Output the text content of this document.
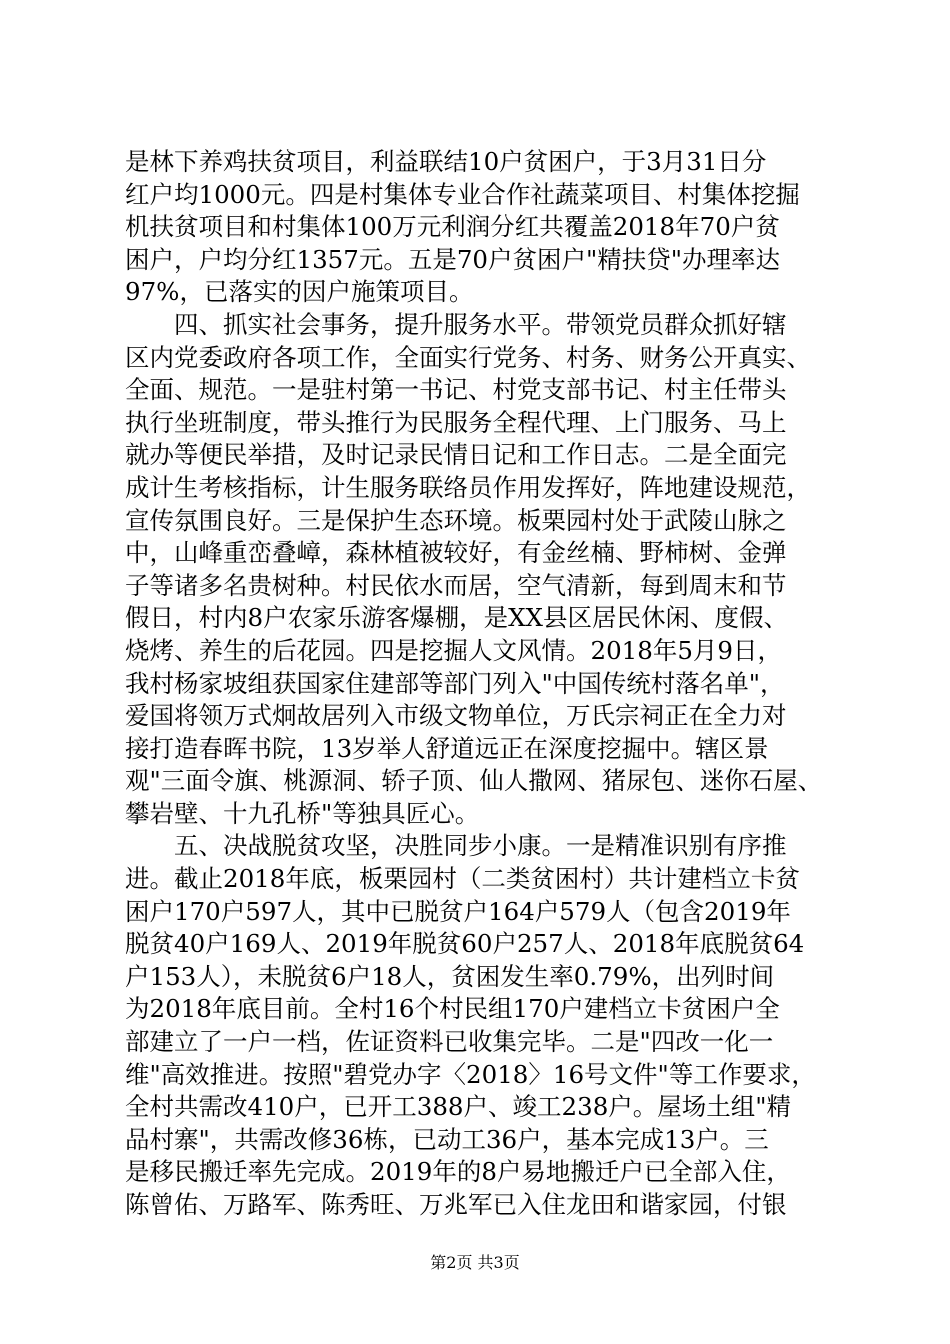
是林下养鸡扶贫项目，利益联结10户贫困户，于3月31日分
红户均1000元。四是村集体专业合作社蔬菜项目、村集体挖掘
机扶贫项目和村集体100万元利润分红共覆盖2018年70户贫
困户，户均分红1357元。五是70户贫困户"精扶贷"办理率达
97%，已落实的因户施策项目。
　　四、抓实社会事务，提升服务水平。带领党员群众抓好辖
区内党委政府各项工作，全面实行党务、村务、财务公开真实、
全面、规范。一是驻村第一书记、村党支部书记、村主任带头
执行坐班制度，带头推行为民服务全程代理、上门服务、马上
就办等便民举措，及时记录民情日记和工作日志。二是全面完
成计生考核指标，计生服务联络员作用发挥好，阵地建设规范，
宣传氛围良好。三是保护生态环境。板栗园村处于武陵山脉之
中，山峰重峦叠嶂，森林植被较好，有金丝楠、野柿树、金弹
子等诸多名贵树种。村民依水而居，空气清新，每到周末和节
假日，村内8户农家乐游客爆棚，是XX县区居民休闲、度假、
烧烤、养生的后花园。四是挖掘人文风情。2018年5月9日，
我村杨家坡组获国家住建部等部门列入"中国传统村落名单"，
爱国将领万式炯故居列入市级文物单位，万氏宗祠正在全力对
接打造春晖书院，13岁举人舒道远正在深度挖掘中。辖区景
观"三面令旗、桃源洞、轿子顶、仙人撒网、猪尿包、迷你石屋、
攀岩壁、十九孔桥"等独具匠心。
　　五、决战脱贫攻坚，决胜同步小康。一是精准识别有序推
进。截止2018年底，板栗园村（二类贫困村）共计建档立卡贫
困户170户597人，其中已脱贫户164户579人（包含2019年
脱贫40户169人、2019年脱贫60户257人、2018年底脱贫64
户153人），未脱贫6户18人，贫困发生率0.79%，出列时间
为2018年底目前。全村16个村民组170户建档立卡贫困户全
部建立了一户一档，佐证资料已收集完毕。二是"四改一化一
维"高效推进。按照"碧党办字〈2018〉16号文件"等工作要求，
全村共需改410户，已开工388户、竣工238户。屋场土组"精
品村寨"，共需改修36栋，已动工36户，基本完成13户。三
是移民搬迁率先完成。2019年的8户易地搬迁户已全部入住，
陈曾佑、万路军、陈秀旺、万兆军已入住龙田和谐家园，付银
第2页 共3页
